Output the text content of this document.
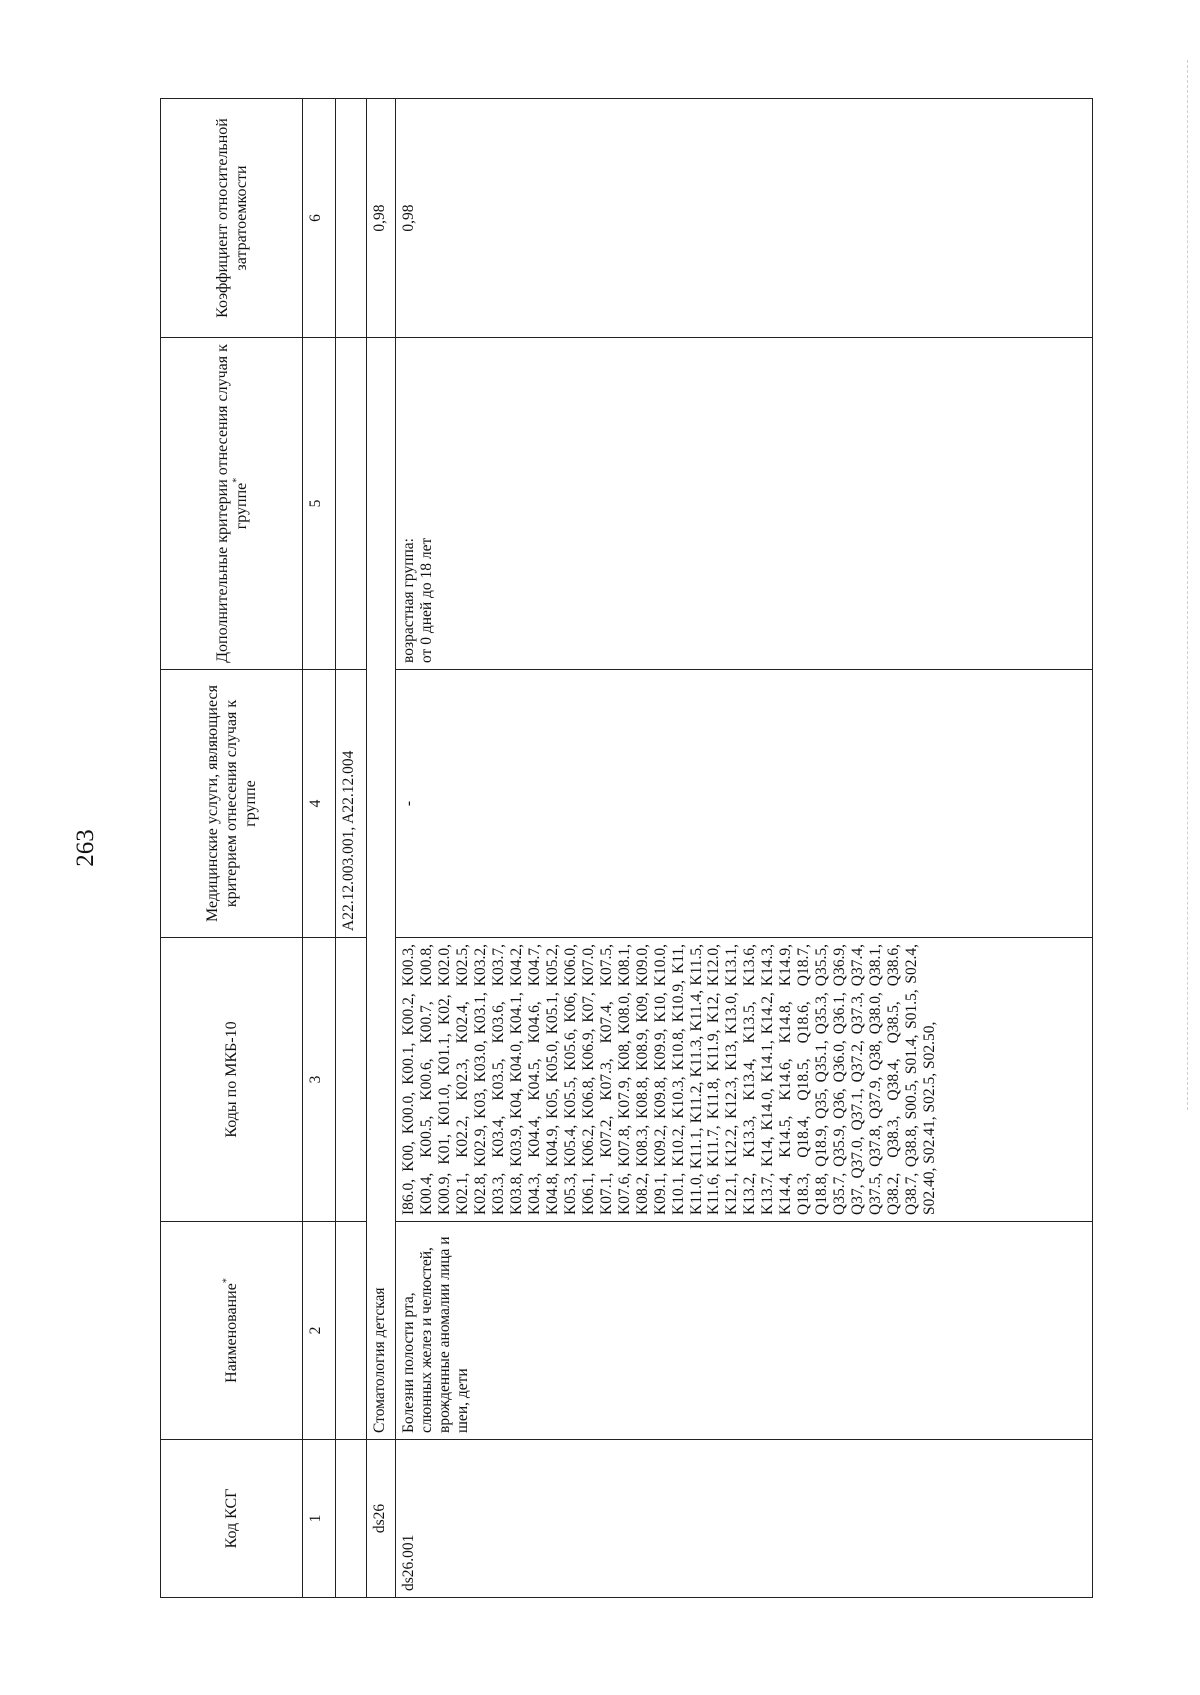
263
Код КСГ	Наименование*	Коды по МКБ-10	Медицинские услуги, являющиеся критерием отнесения случая к группе	Дополнительные критерии отнесения случая к группе*	Коэффициент относительной затратоемкости
1	2	3	4	5	6
			A22.12.003.001, A22.12.004		
ds26	Стоматология детская				0,98
ds26.001	Болезни полости рта, слюнных желез и челюстей, врожденные аномалии лица и шеи, дети	I86.0, K00, K00.0, K00.1, K00.2, K00.3, K00.4, K00.5, K00.6, K00.7, K00.8, K00.9, K01, K01.0, K01.1, K02, K02.0, K02.1, K02.2, K02.3, K02.4, K02.5, K02.8, K02.9, K03, K03.0, K03.1, K03.2, K03.3, K03.4, K03.5, K03.6, K03.7, K03.8, K03.9, K04, K04.0, K04.1, K04.2, K04.3, K04.4, K04.5, K04.6, K04.7, K04.8, K04.9, K05, K05.0, K05.1, K05.2, K05.3, K05.4, K05.5, K05.6, K06, K06.0, K06.1, K06.2, K06.8, K06.9, K07, K07.0, K07.1, K07.2, K07.3, K07.4, K07.5, K07.6, K07.8, K07.9, K08, K08.0, K08.1, K08.2, K08.3, K08.8, K08.9, K09, K09.0, K09.1, K09.2, K09.8, K09.9, K10, K10.0, K10.1, K10.2, K10.3, K10.8, K10.9, K11, K11.0, K11.1, K11.2, K11.3, K11.4, K11.5, K11.6, K11.7, K11.8, K11.9, K12, K12.0, K12.1, K12.2, K12.3, K13, K13.0, K13.1, K13.2, K13.3, K13.4, K13.5, K13.6, K13.7, K14, K14.0, K14.1, K14.2, K14.3, K14.4, K14.5, K14.6, K14.8, K14.9, Q18.3, Q18.4, Q18.5, Q18.6, Q18.7, Q18.8, Q18.9, Q35, Q35.1, Q35.3, Q35.5, Q35.7, Q35.9, Q36, Q36.0, Q36.1, Q36.9, Q37, Q37.0, Q37.1, Q37.2, Q37.3, Q37.4, Q37.5, Q37.8, Q37.9, Q38, Q38.0, Q38.1, Q38.2, Q38.3, Q38.4, Q38.5, Q38.6, Q38.7, Q38.8, S00.5, S01.4, S01.5, S02.4, S02.40, S02.41, S02.5, S02.50,	-	возрастная группа: от 0 дней до 18 лет	0,98
